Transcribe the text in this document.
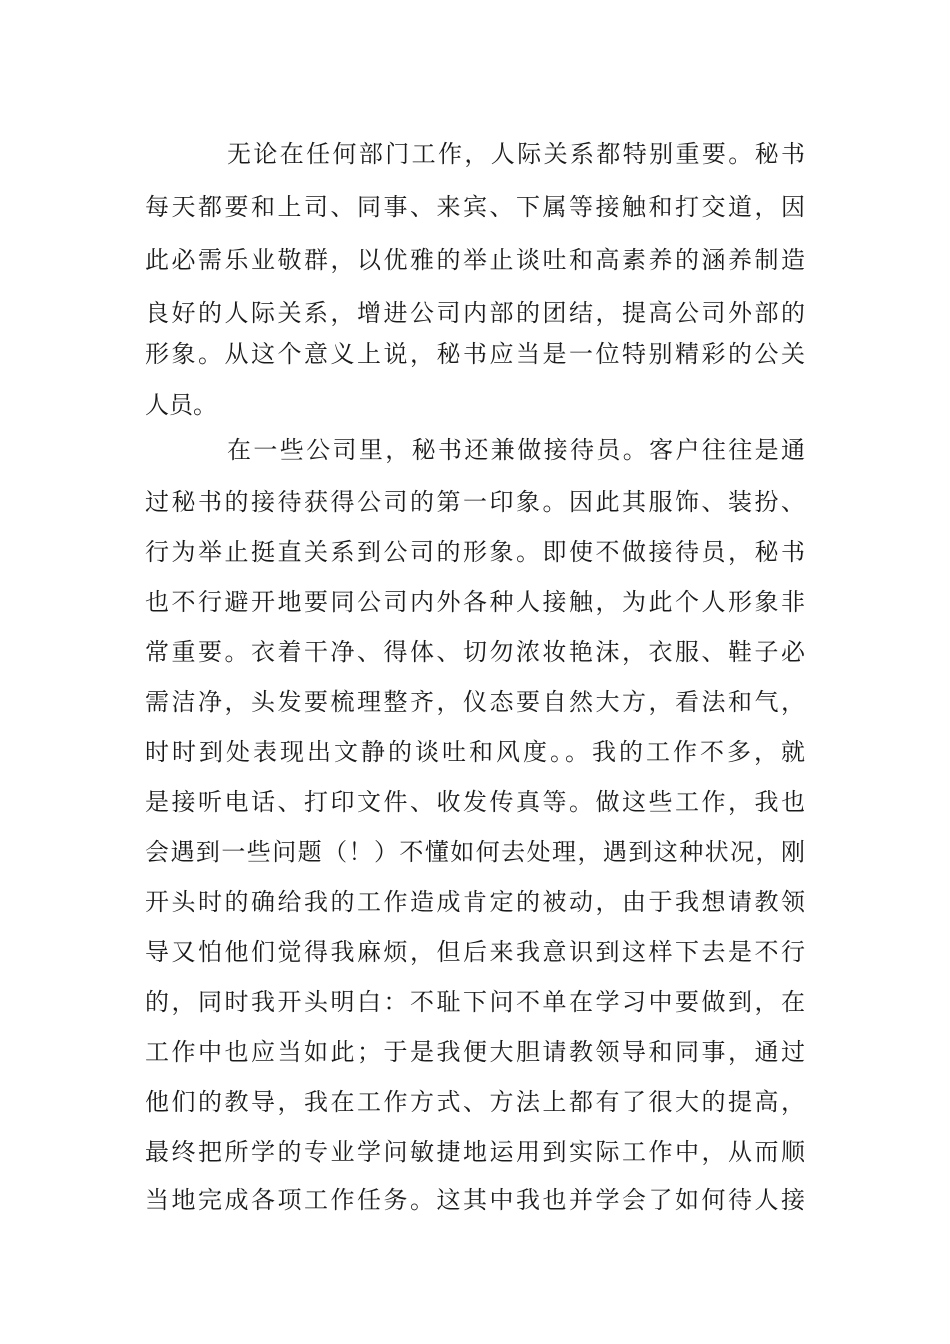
无论在任何部门工作，人际关系都特别重要。秘书
每天都要和上司、同事、来宾、下属等接触和打交道，因
此必需乐业敬群，以优雅的举止谈吐和高素养的涵养制造
良好的人际关系，增进公司内部的团结，提高公司外部的
形象。从这个意义上说，秘书应当是一位特别精彩的公关
人员。
在一些公司里，秘书还兼做接待员。客户往往是通
过秘书的接待获得公司的第一印象。因此其服饰、装扮、
行为举止挺直关系到公司的形象。即使不做接待员，秘书
也不行避开地要同公司内外各种人接触，为此个人形象非
常重要。衣着干净、得体、切勿浓妆艳沫，衣服、鞋子必
需洁净，头发要梳理整齐，仪态要自然大方，看法和气，
时时到处表现出文静的谈吐和风度。。我的工作不多，就
是接听电话、打印文件、收发传真等。做这些工作，我也
会遇到一些问题（！）不懂如何去处理，遇到这种状况，刚
开头时的确给我的工作造成肯定的被动，由于我想请教领
导又怕他们觉得我麻烦，但后来我意识到这样下去是不行
的，同时我开头明白：不耻下问不单在学习中要做到，在
工作中也应当如此；于是我便大胆请教领导和同事，通过
他们的教导，我在工作方式、方法上都有了很大的提高，
最终把所学的专业学问敏捷地运用到实际工作中，从而顺
当地完成各项工作任务。这其中我也并学会了如何待人接
